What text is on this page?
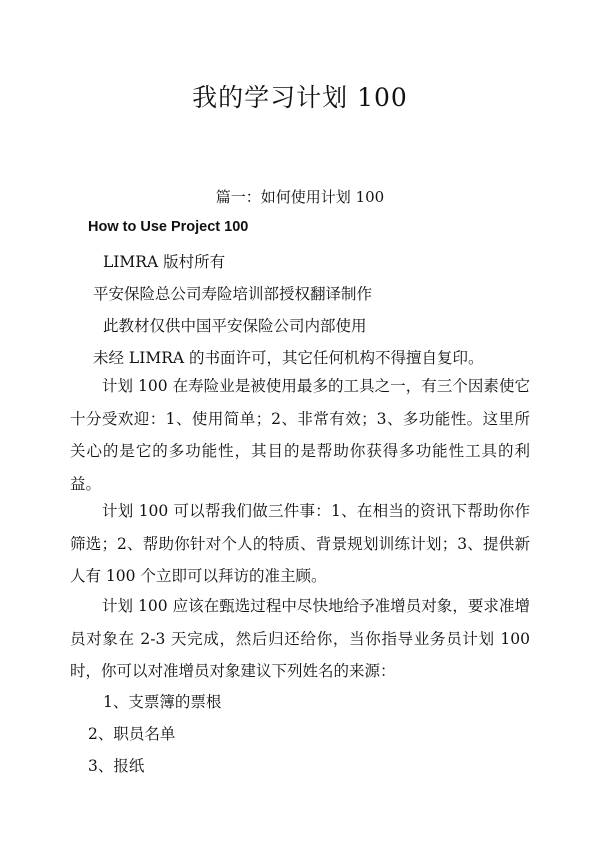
我的学习计划 100

篇一：如何使用计划 100

How to Use Project 100

LIMRA 版村所有

平安保险总公司寿险培训部授权翻译制作

此教材仅供中国平安保险公司内部使用

未经 LIMRA 的书面许可，其它任何机构不得擅自复印。

计划 100 在寿险业是被使用最多的工具之一，有三个因素使它十分受欢迎：1、使用简单；2、非常有效；3、多功能性。这里所关心的是它的多功能性，其目的是帮助你获得多功能性工具的利益。

计划 100 可以帮我们做三件事：1、在相当的资讯下帮助你作筛选；2、帮助你针对个人的特质、背景规划训练计划；3、提供新人有 100 个立即可以拜访的准主顾。

计划 100 应该在甄选过程中尽快地给予准增员对象，要求准增员对象在 2-3 天完成，然后归还给你，当你指导业务员计划 100 时，你可以对准增员对象建议下列姓名的来源：

1、支票簿的票根

2、职员名单

3、报纸
